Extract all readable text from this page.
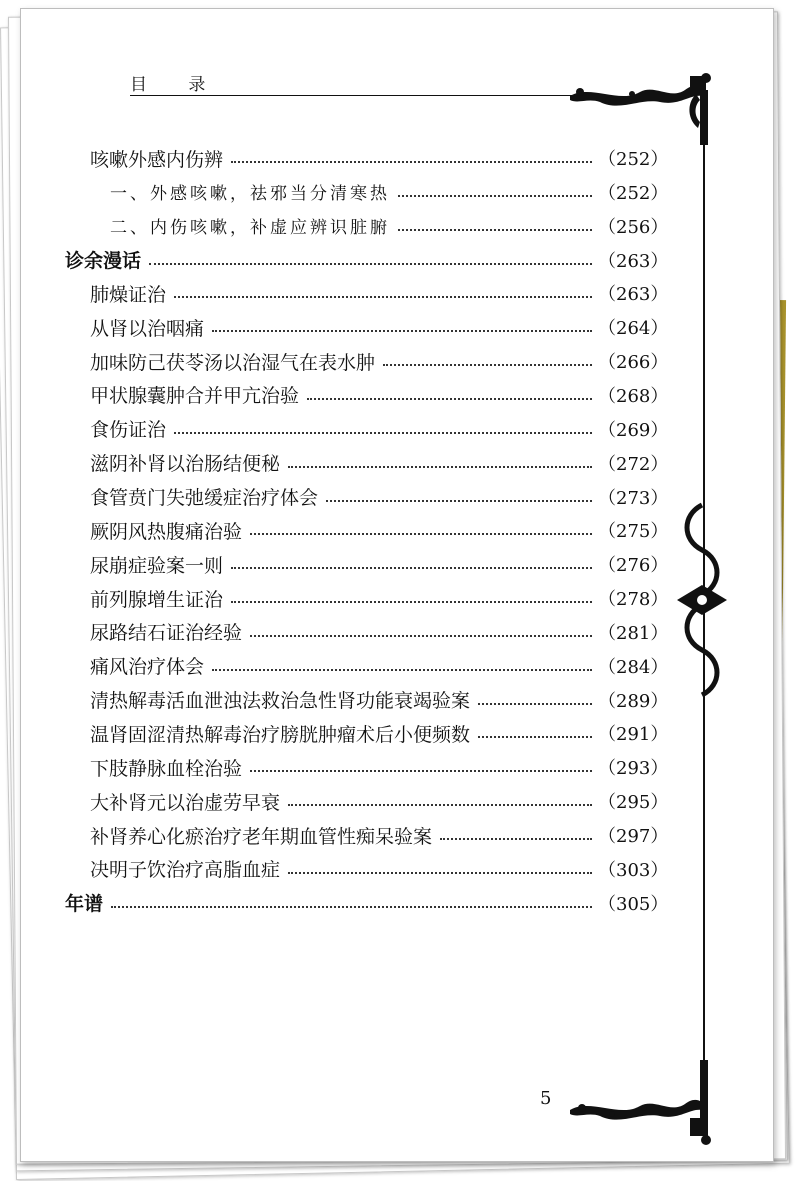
目 录
咳嗽外感内伤辨	（252）
一、外感咳嗽，祛邪当分清寒热	（252）
二、内伤咳嗽，补虚应辨识脏腑	（256）
诊余漫话	（263）
肺燥证治	（263）
从肾以治咽痛	（264）
加味防己茯苓汤以治湿气在表水肿	（266）
甲状腺囊肿合并甲亢治验	（268）
食伤证治	（269）
滋阴补肾以治肠结便秘	（272）
食管贲门失弛缓症治疗体会	（273）
厥阴风热腹痛治验	（275）
尿崩症验案一则	（276）
前列腺增生证治	（278）
尿路结石证治经验	（281）
痛风治疗体会	（284）
清热解毒活血泄浊法救治急性肾功能衰竭验案	（289）
温肾固涩清热解毒治疗膀胱肿瘤术后小便频数	（291）
下肢静脉血栓治验	（293）
大补肾元以治虚劳早衰	（295）
补肾养心化瘀治疗老年期血管性痴呆验案	（297）
决明子饮治疗高脂血症	（303）
年谱	（305）
5
